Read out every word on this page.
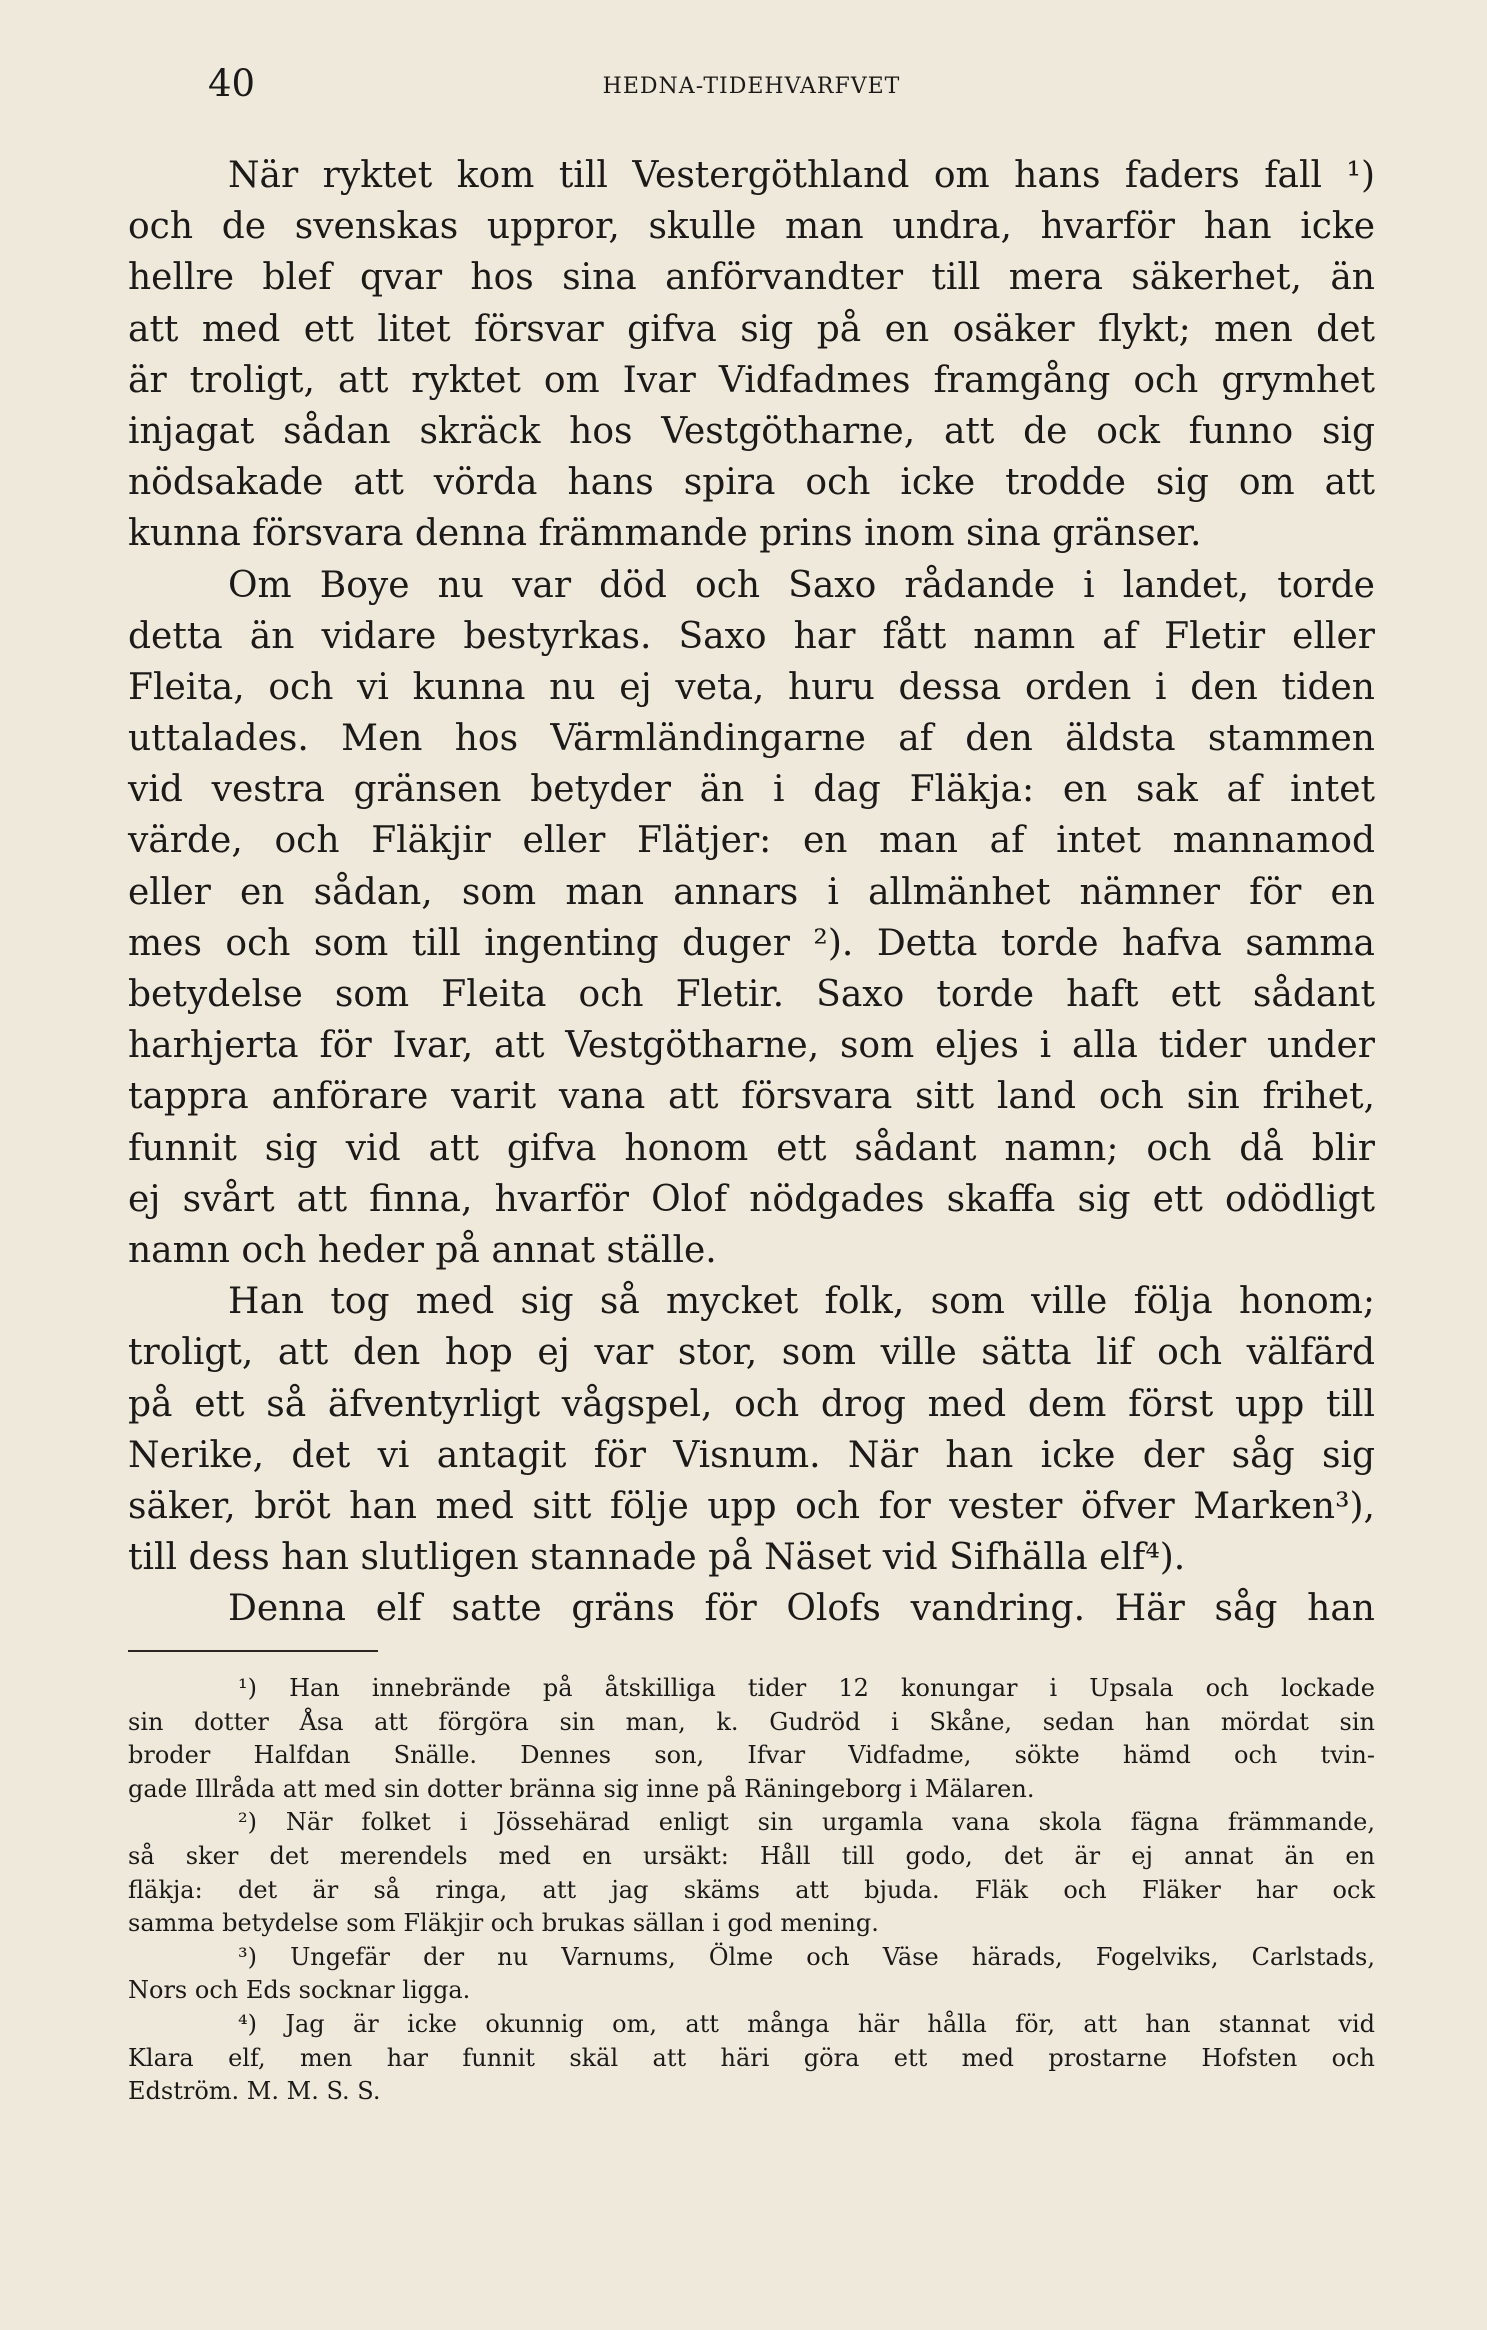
40	HEDNA-TIDEHVARFVET
När ryktet kom till Vestergöthland om hans faders fall ¹)
och de svenskas uppror, skulle man undra, hvarför han icke
hellre blef qvar hos sina anförvandter till mera säkerhet, än
att med ett litet försvar gifva sig på en osäker flykt; men det
är troligt, att ryktet om Ivar Vidfadmes framgång och grymhet
injagat sådan skräck hos Vestgötharne, att de ock funno sig
nödsakade att vörda hans spira och icke trodde sig om att
kunna försvara denna främmande prins inom sina gränser.
Om Boye nu var död och Saxo rådande i landet, torde
detta än vidare bestyrkas. Saxo har fått namn af Fletir eller
Fleita, och vi kunna nu ej veta, huru dessa orden i den tiden
uttalades. Men hos Värmländingarne af den äldsta stammen
vid vestra gränsen betyder än i dag Fläkja: en sak af intet
värde, och Fläkjir eller Flätjer: en man af intet mannamod
eller en sådan, som man annars i allmänhet nämner för en
mes och som till ingenting duger ²). Detta torde hafva samma
betydelse som Fleita och Fletir. Saxo torde haft ett sådant
harhjerta för Ivar, att Vestgötharne, som eljes i alla tider under
tappra anförare varit vana att försvara sitt land och sin frihet,
funnit sig vid att gifva honom ett sådant namn; och då blir
ej svårt att finna, hvarför Olof nödgades skaffa sig ett odödligt
namn och heder på annat ställe.
Han tog med sig så mycket folk, som ville följa honom;
troligt, att den hop ej var stor, som ville sätta lif och välfärd
på ett så äfventyrligt vågspel, och drog med dem först upp till
Nerike, det vi antagit för Visnum. När han icke der såg sig
säker, bröt han med sitt följe upp och for vester öfver Marken³),
till dess han slutligen stannade på Näset vid Sifhälla elf⁴).
Denna elf satte gräns för Olofs vandring. Här såg han
¹) Han innebrände på åtskilliga tider 12 konungar i Upsala och lockade
sin dotter Åsa att förgöra sin man, k. Gudröd i Skåne, sedan han mördat sin
broder Halfdan Snälle. Dennes son, Ifvar Vidfadme, sökte hämd och tvin-
gade Illråda att med sin dotter bränna sig inne på Räningeborg i Mälaren.
²) När folket i Jössehärad enligt sin urgamla vana skola fägna främmande,
så sker det merendels med en ursäkt: Håll till godo, det är ej annat än en
fläkja: det är så ringa, att jag skäms att bjuda. Fläk och Fläker har ock
samma betydelse som Fläkjir och brukas sällan i god mening.
³) Ungefär der nu Varnums, Ölme och Väse härads, Fogelviks, Carlstads,
Nors och Eds socknar ligga.
⁴) Jag är icke okunnig om, att många här hålla för, att han stannat vid
Klara elf, men har funnit skäl att häri göra ett med prostarne Hofsten och
Edström. M. M. S. S.
